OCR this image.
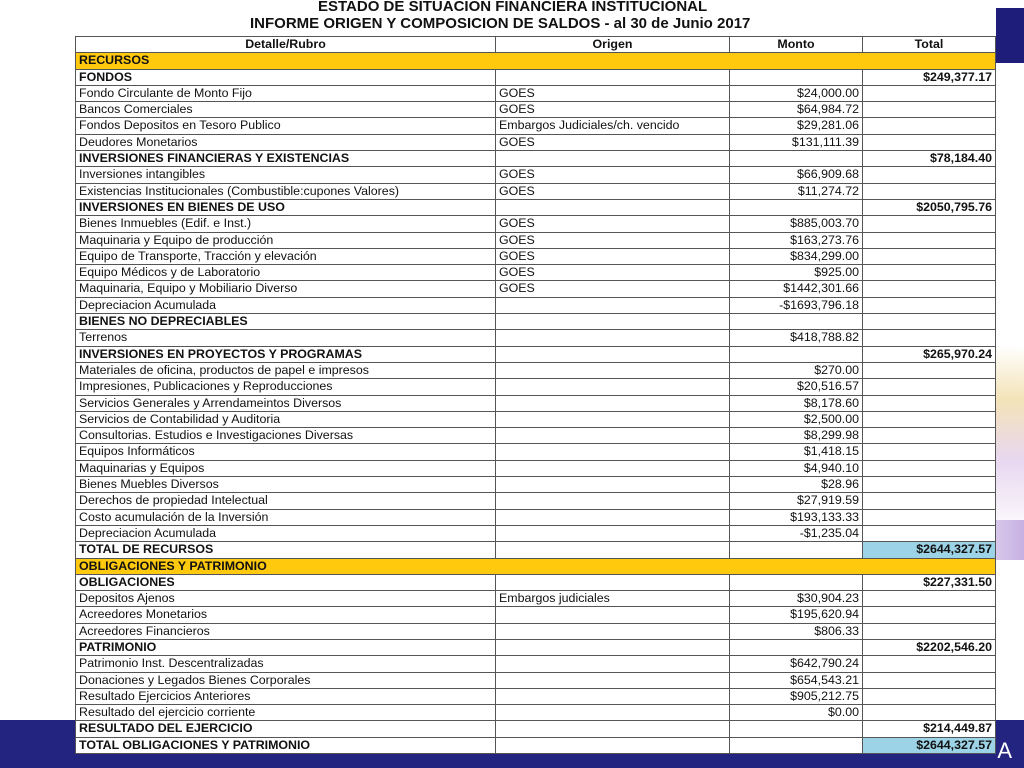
A
ESTADO DE SITUACION FINANCIERA INSTITUCIONAL
INFORME ORIGEN Y COMPOSICION DE SALDOS - al 30 de Junio 2017
Detalle/Rubro	Origen	Monto	Total
RECURSOS			
FONDOS			$249,377.17
Fondo Circulante de Monto Fijo	GOES	$24,000.00	
Bancos Comerciales	GOES	$64,984.72	
Fondos Depositos en Tesoro Publico	Embargos Judiciales/ch. vencido	$29,281.06	
Deudores Monetarios	GOES	$131,111.39	
INVERSIONES FINANCIERAS Y EXISTENCIAS			$78,184.40
Inversiones intangibles	GOES	$66,909.68	
Existencias Institucionales (Combustible:cupones Valores)	GOES	$11,274.72	
INVERSIONES EN BIENES DE USO			$2050,795.76
Bienes Inmuebles (Edif. e Inst.)	GOES	$885,003.70	
Maquinaria y Equipo de producción	GOES	$163,273.76	
Equipo de Transporte, Tracción y elevación	GOES	$834,299.00	
Equipo Médicos y de Laboratorio	GOES	$925.00	
Maquinaria, Equipo y Mobiliario Diverso	GOES	$1442,301.66	
Depreciacion Acumulada		-$1693,796.18	
BIENES NO DEPRECIABLES			
Terrenos		$418,788.82	
INVERSIONES EN PROYECTOS Y PROGRAMAS			$265,970.24
Materiales de oficina, productos de papel e impresos		$270.00	
Impresiones, Publicaciones y Reproducciones		$20,516.57	
Servicios Generales y Arrendameintos Diversos		$8,178.60	
Servicios de Contabilidad y Auditoria		$2,500.00	
Consultorias. Estudios e Investigaciones Diversas		$8,299.98	
Equipos Informáticos		$1,418.15	
Maquinarias y Equipos		$4,940.10	
Bienes Muebles Diversos		$28.96	
Derechos de propiedad Intelectual		$27,919.59	
Costo acumulación de la Inversión		$193,133.33	
Depreciacion Acumulada		-$1,235.04	
TOTAL DE RECURSOS			$2644,327.57
OBLIGACIONES Y PATRIMONIO			
OBLIGACIONES			$227,331.50
Depositos Ajenos	Embargos judiciales	$30,904.23	
Acreedores Monetarios		$195,620.94	
Acreedores Financieros		$806.33	
PATRIMONIO			$2202,546.20
Patrimonio Inst. Descentralizadas		$642,790.24	
Donaciones y Legados Bienes Corporales		$654,543.21	
Resultado Ejercicios Anteriores		$905,212.75	
Resultado del ejercicio corriente		$0.00	
RESULTADO DEL EJERCICIO			$214,449.87
TOTAL OBLIGACIONES Y PATRIMONIO			$2644,327.57
